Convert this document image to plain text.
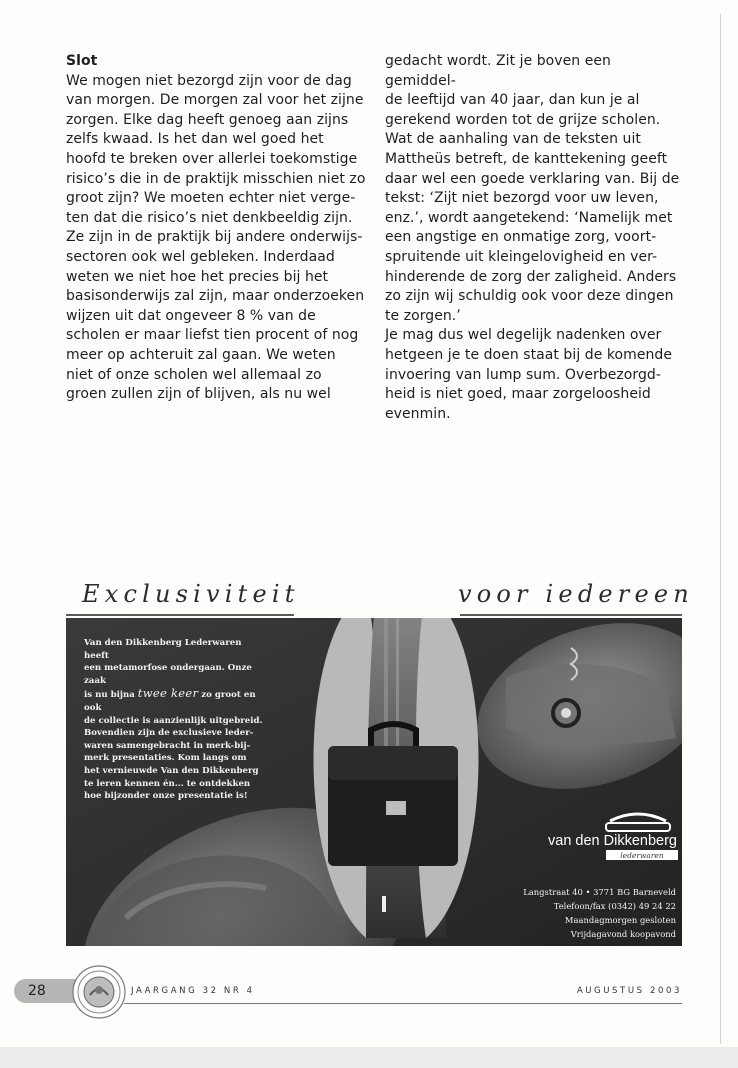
Slot

We mogen niet bezorgd zijn voor de dag
van morgen. De morgen zal voor het zijne
zorgen. Elke dag heeft genoeg aan zijns
zelfs kwaad. Is het dan wel goed het
hoofd te breken over allerlei toekomstige
risico’s die in de praktijk misschien niet zo
groot zijn? We moeten echter niet verge-
ten dat die risico’s niet denkbeeldig zijn.
Ze zijn in de praktijk bij andere onderwijs-
sectoren ook wel gebleken. Inderdaad
weten we niet hoe het precies bij het
basisonderwijs zal zijn, maar onderzoeken
wijzen uit dat ongeveer 8 % van de
scholen er maar liefst tien procent of nog
meer op achteruit zal gaan. We weten
niet of onze scholen wel allemaal zo
groen zullen zijn of blijven, als nu wel

gedacht wordt. Zit je boven een gemiddel-
de leeftijd van 40 jaar, dan kun je al
gerekend worden tot de grijze scholen.
Wat de aanhaling van de teksten uit
Mattheüs betreft, de kanttekening geeft
daar wel een goede verklaring van. Bij de
tekst: ‘Zijt niet bezorgd voor uw leven,
enz.’, wordt aangetekend: ‘Namelijk met
een angstige en onmatige zorg, voort-
spruitende uit kleingelovigheid en ver-
hinderende de zorg der zaligheid. Anders
zo zijn wij schuldig ook voor deze dingen
te zorgen.’
Je mag dus wel degelijk nadenken over
hetgeen je te doen staat bij de komende
invoering van lump sum. Overbezorgd-
heid is niet goed, maar zorgeloosheid
evenmin.

Exclusiviteit	voor iedereen
Van den Dikkenberg Lederwaren heeft
een metamorfose ondergaan. Onze zaak
is nu bijna twee keer zo groot en ook
de collectie is aanzienlijk uitgebreid.
Bovendien zijn de exclusieve leder-
waren samengebracht in merk-bij-
merk presentaties. Kom langs om
het vernieuwde Van den Dikkenberg
te leren kennen én... te ontdekken
hoe bijzonder onze presentatie is!
van den Dikkenberg
lederwaren
Langstraat 40 • 3771 BG Barneveld
Telefoon/fax (0342) 49 24 22
Maandagmorgen gesloten
Vrijdagavond koopavond
28	JAARGANG 32 NR 4	AUGUSTUS 2003
